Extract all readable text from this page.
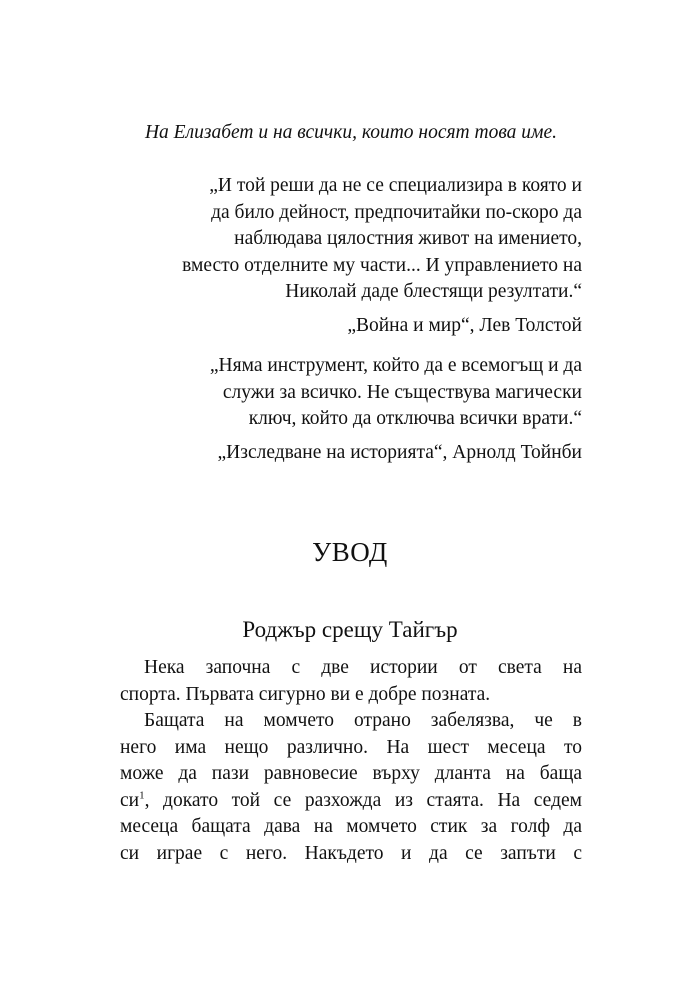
На Елизабет и на всички, които носят това име.

„И той реши да не се специализира в която и

да било дейност, предпочитайки по-скоро да

наблюдава цялостния живот на имението,

вместо отделните му части... И управлението на

Николай даде блестящи резултати.“

„Война и мир“, Лев Толстой

„Няма инструмент, който да е всемогъщ и да

служи за всичко. Не съществува магически

ключ, който да отключва всички врати.“

„Изследване на историята“, Арнолд Тойнби

УВОД
Роджър срещу Тайгър
Нека започна с две истории от света на
спорта. Първата сигурно ви е добре позната.
Бащата на момчето отрано забелязва, че в
него има нещо различно. На шест месеца то
може да пази равновесие върху дланта на баща
$си^1$, докато той се разхожда из стаята. На седем
месеца бащата дава на момчето стик за голф да
си играе с него. Накъдето и да се запъти с
